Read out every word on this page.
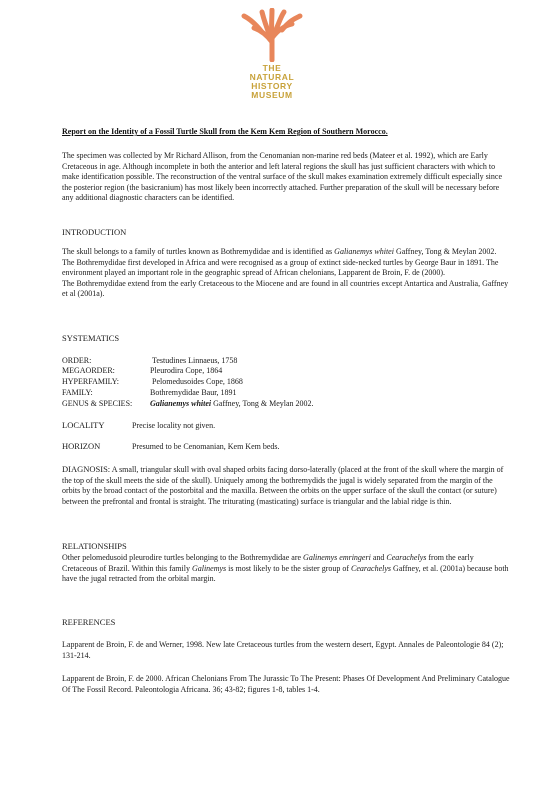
THE
NATURAL
HISTORY
MUSEUM
Report on the Identity of a Fossil Turtle Skull from the Kem Kem Region of Southern Morocco.

The specimen was collected by Mr Richard Allison, from the Cenomanian non-marine red beds (Mateer et al. 1992), which are Early Cretaceous in age. Although incomplete in both the anterior and left lateral regions the skull has just sufficient characters with which to make identification possible. The reconstruction of the ventral surface of the skull makes examination extremely difficult especially since the posterior region (the basicranium) has most likely been incorrectly attached. Further preparation of the skull will be necessary before any additional diagnostic characters can be identified.

INTRODUCTION

The skull belongs to a family of turtles known as Bothremydidae and is identified as Galianemys whitei Gaffney, Tong & Meylan 2002.

The Bothremydidae first developed in Africa and were recognised as a group of extinct side-necked turtles by George Baur in 1891. The environment played an important role in the geographic spread of African chelonians, Lapparent de Broin, F. de (2000).

The Bothremydidae extend from the early Cretaceous to the Miocene and are found in all countries except Antartica and Australia, Gaffney et al (2001a).

SYSTEMATICS
ORDER:	Testudines Linnaeus, 1758
MEGAORDER:	Pleurodira Cope, 1864
HYPERFAMILY:	Pelomedusoides Cope, 1868
FAMILY:	Bothremydidae Baur, 1891
GENUS & SPECIES: Galianemys whitei Gaffney, Tong & Meylan 2002.
LOCALITY	Precise locality not given.
HORIZON	Presumed to be Cenomanian, Kem Kem beds.

DIAGNOSIS: A small, triangular skull with oval shaped orbits facing dorso-laterally (placed at the front of the skull where the margin of the top of the skull meets the side of the skull). Uniquely among the bothremydids the jugal is widely separated from the margin of the orbits by the broad contact of the postorbital and the maxilla. Between the orbits on the upper surface of the skull the contact (or suture) between the prefrontal and frontal is straight. The triturating (masticating) surface is triangular and the labial ridge is thin.

RELATIONSHIPS

Other pelomedusoid pleurodire turtles belonging to the Bothremydidae are Galinemys emringeri and Cearachelys from the early Cretaceous of Brazil. Within this family Galinemys is most likely to be the sister group of Cearachelys Gaffney, et al. (2001a) because both have the jugal retracted from the orbital margin.

REFERENCES

Lapparent de Broin, F. de and Werner, 1998. New late Cretaceous turtles from the western desert, Egypt. Annales de Paleontologie 84 (2); 131-214.

Lapparent de Broin, F. de 2000. African Chelonians From The Jurassic To The Present: Phases Of Development And Preliminary Catalogue Of The Fossil Record. Paleontologia Africana. 36; 43-82; figures 1-8, tables 1-4.
